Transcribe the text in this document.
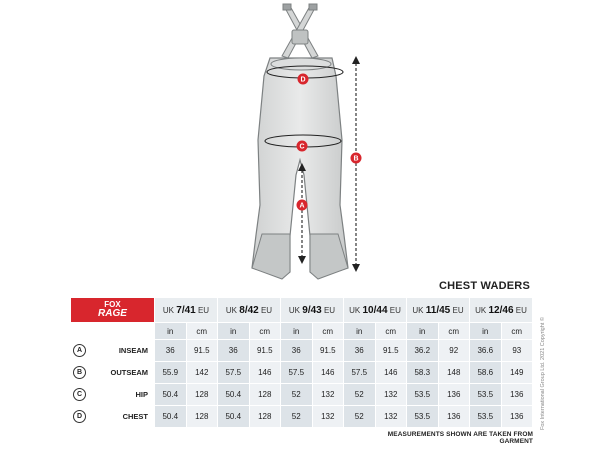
D
C
B
A
CHEST WADERS
FOX
RAGE	UK 7/41 EU		UK 8/42 EU		UK 9/43 EU		UK 10/44 EU		UK 11/45 EU		UK 12/46 EU	
	in	cm	in	cm	in	cm	in	cm	in	cm	in	cm

A INSEAM	36	91.5	36	91.5	36	91.5	36	91.5	36.2	92	36.6	93

B OUTSEAM	55.9	142	57.5	146	57.5	146	57.5	146	58.3	148	58.6	149

C HIP	50.4	128	50.4	128	52	132	52	132	53.5	136	53.5	136

D CHEST	50.4	128	50.4	128	52	132	52	132	53.5	136	53.5	136
MEASUREMENTS SHOWN ARE TAKEN FROM GARMENT
Fox International Group Ltd. 2021 Copyright ©
